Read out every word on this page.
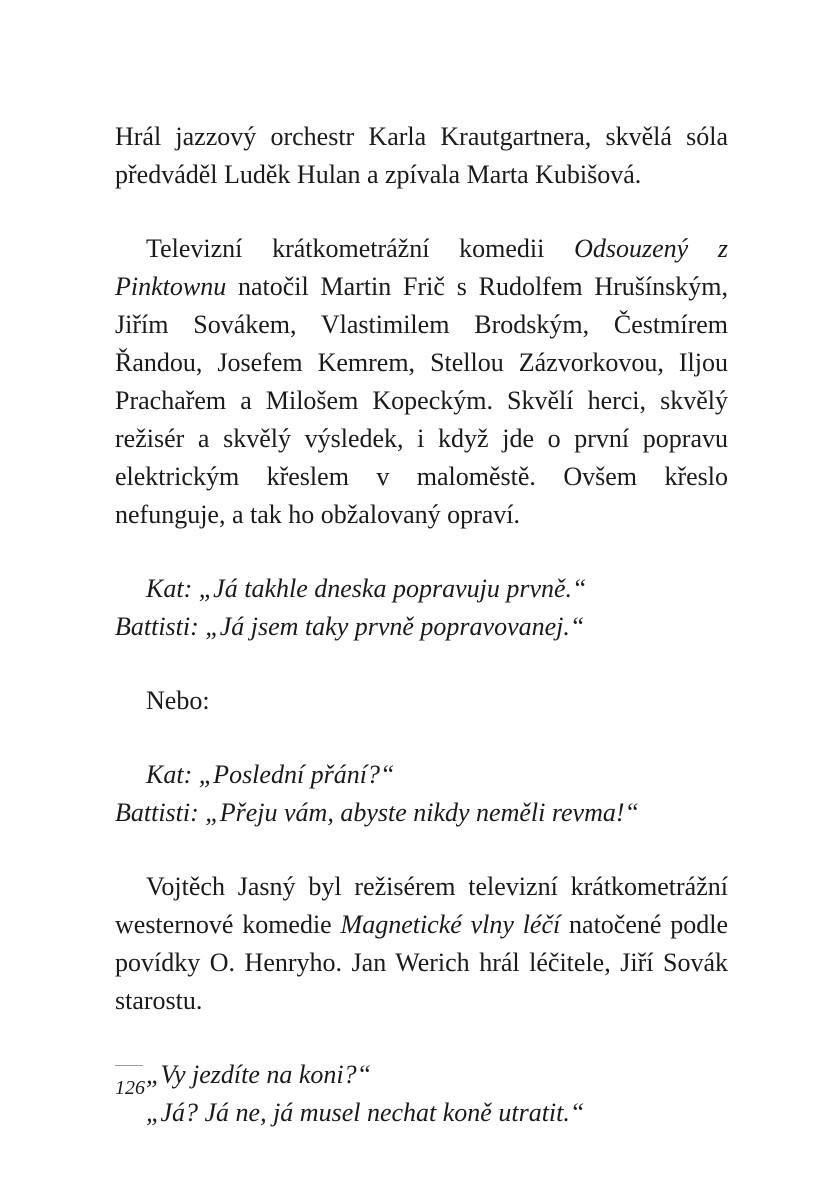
Hrál jazzový orchestr Karla Krautgartnera, skvělá sóla předváděl Luděk Hulan a zpívala Marta Kubišová.

Televizní krátkometrážní komedii Odsouzený z Pinktownu natočil Martin Frič s Rudolfem Hrušínským, Jiřím Sovákem, Vlastimilem Brodským, Čestmírem Řandou, Josefem Kemrem, Stellou Zázvorkovou, Iljou Prachařem a Milošem Kopeckým. Skvělí herci, skvělý režisér a skvělý výsledek, i když jde o první popravu elektrickým křeslem v maloměstě. Ovšem křeslo nefunguje, a tak ho obžalovaný opraví.

Kat: „Já takhle dneska popravuju prvně.“

Battisti: „Já jsem taky prvně popravovanej.“

Nebo:

Kat: „Poslední přání?“

Battisti: „Přeju vám, abyste nikdy neměli revma!“

Vojtěch Jasný byl režisérem televizní krátkometrážní westernové komedie Magnetické vlny léčí natočené podle povídky O. Henryho. Jan Werich hrál léčitele, Jiří Sovák starostu.

„Vy jezdíte na koni?“

„Já? Já ne, já musel nechat koně utratit.“

126
